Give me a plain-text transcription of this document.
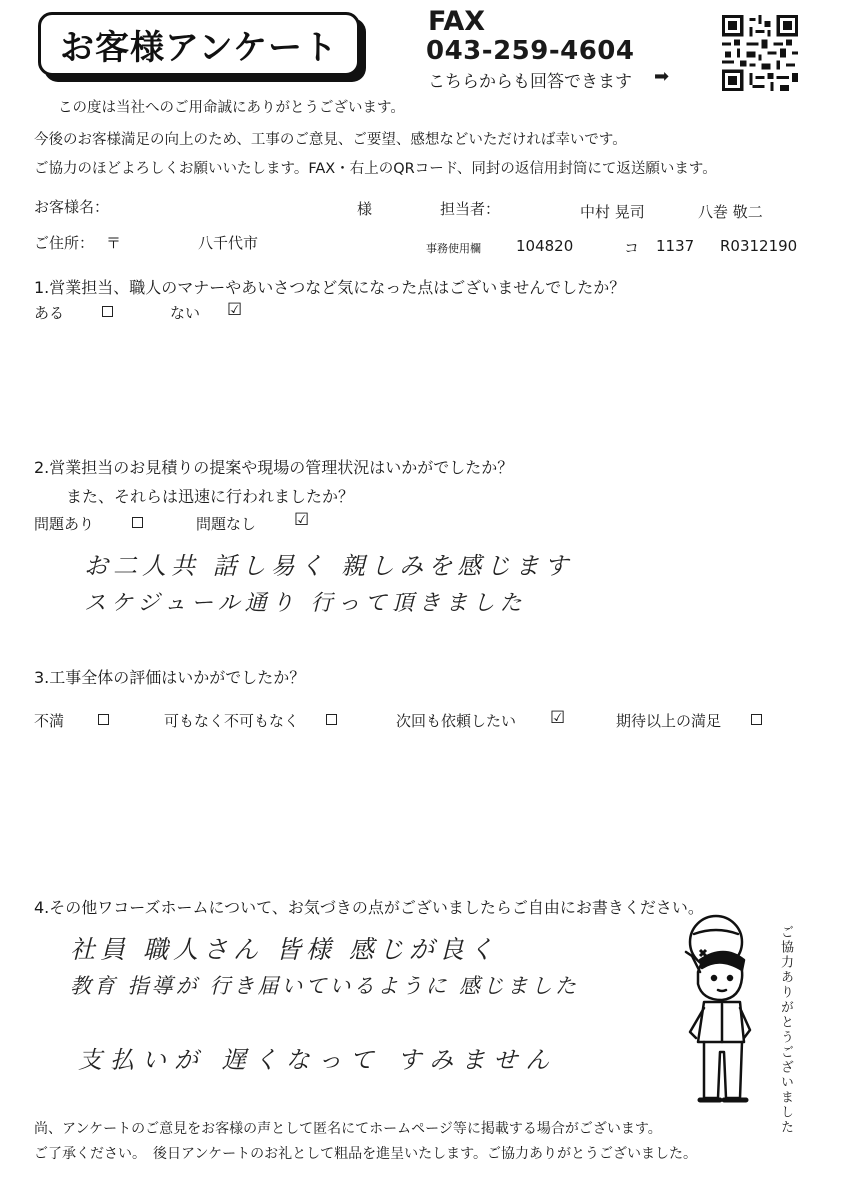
お客様アンケート
FAX
043-259-4604
こちらからも回答できます ➡
この度は当社へのご用命誠にありがとうございます。
今後のお客様満足の向上のため、工事のご意見、ご要望、感想などいただければ幸いです。
ご協力のほどよろしくお願いいたします。FAX・右上のQRコード、同封の返信用封筒にて返送願います。
お客様名：	様	担当者：	中村 晃司	八巻 敬二
ご住所： 〒	八千代市	事務使用欄 104820	コ 1137 R0312190
1.営業担当、職人のマナーやあいさつなど気になった点はございませんでしたか？
ある	ない ☑
2.営業担当のお見積りの提案や現場の管理状況はいかがでしたか？
また、それらは迅速に行われましたか？
問題あり	問題なし ☑
お二人共 話し易く 親しみを感じます
スケジュール通り 行って頂きました
3.工事全体の評価はいかがでしたか？
不満	可もなく不可もなく	次回も依頼したい ☑	期待以上の満足
4.その他ワコーズホームについて、お気づきの点がございましたらご自由にお書きください。
社員 職人さん 皆様 感じが良く
教育 指導が 行き届いているように 感じました
支払いが 遅くなって すみません	ご協力ありがとうございました
尚、アンケートのご意見をお客様の声として匿名にてホームページ等に掲載する場合がございます。
ご了承ください。　後日アンケートのお礼として粗品を進呈いたします。ご協力ありがとうございました。
